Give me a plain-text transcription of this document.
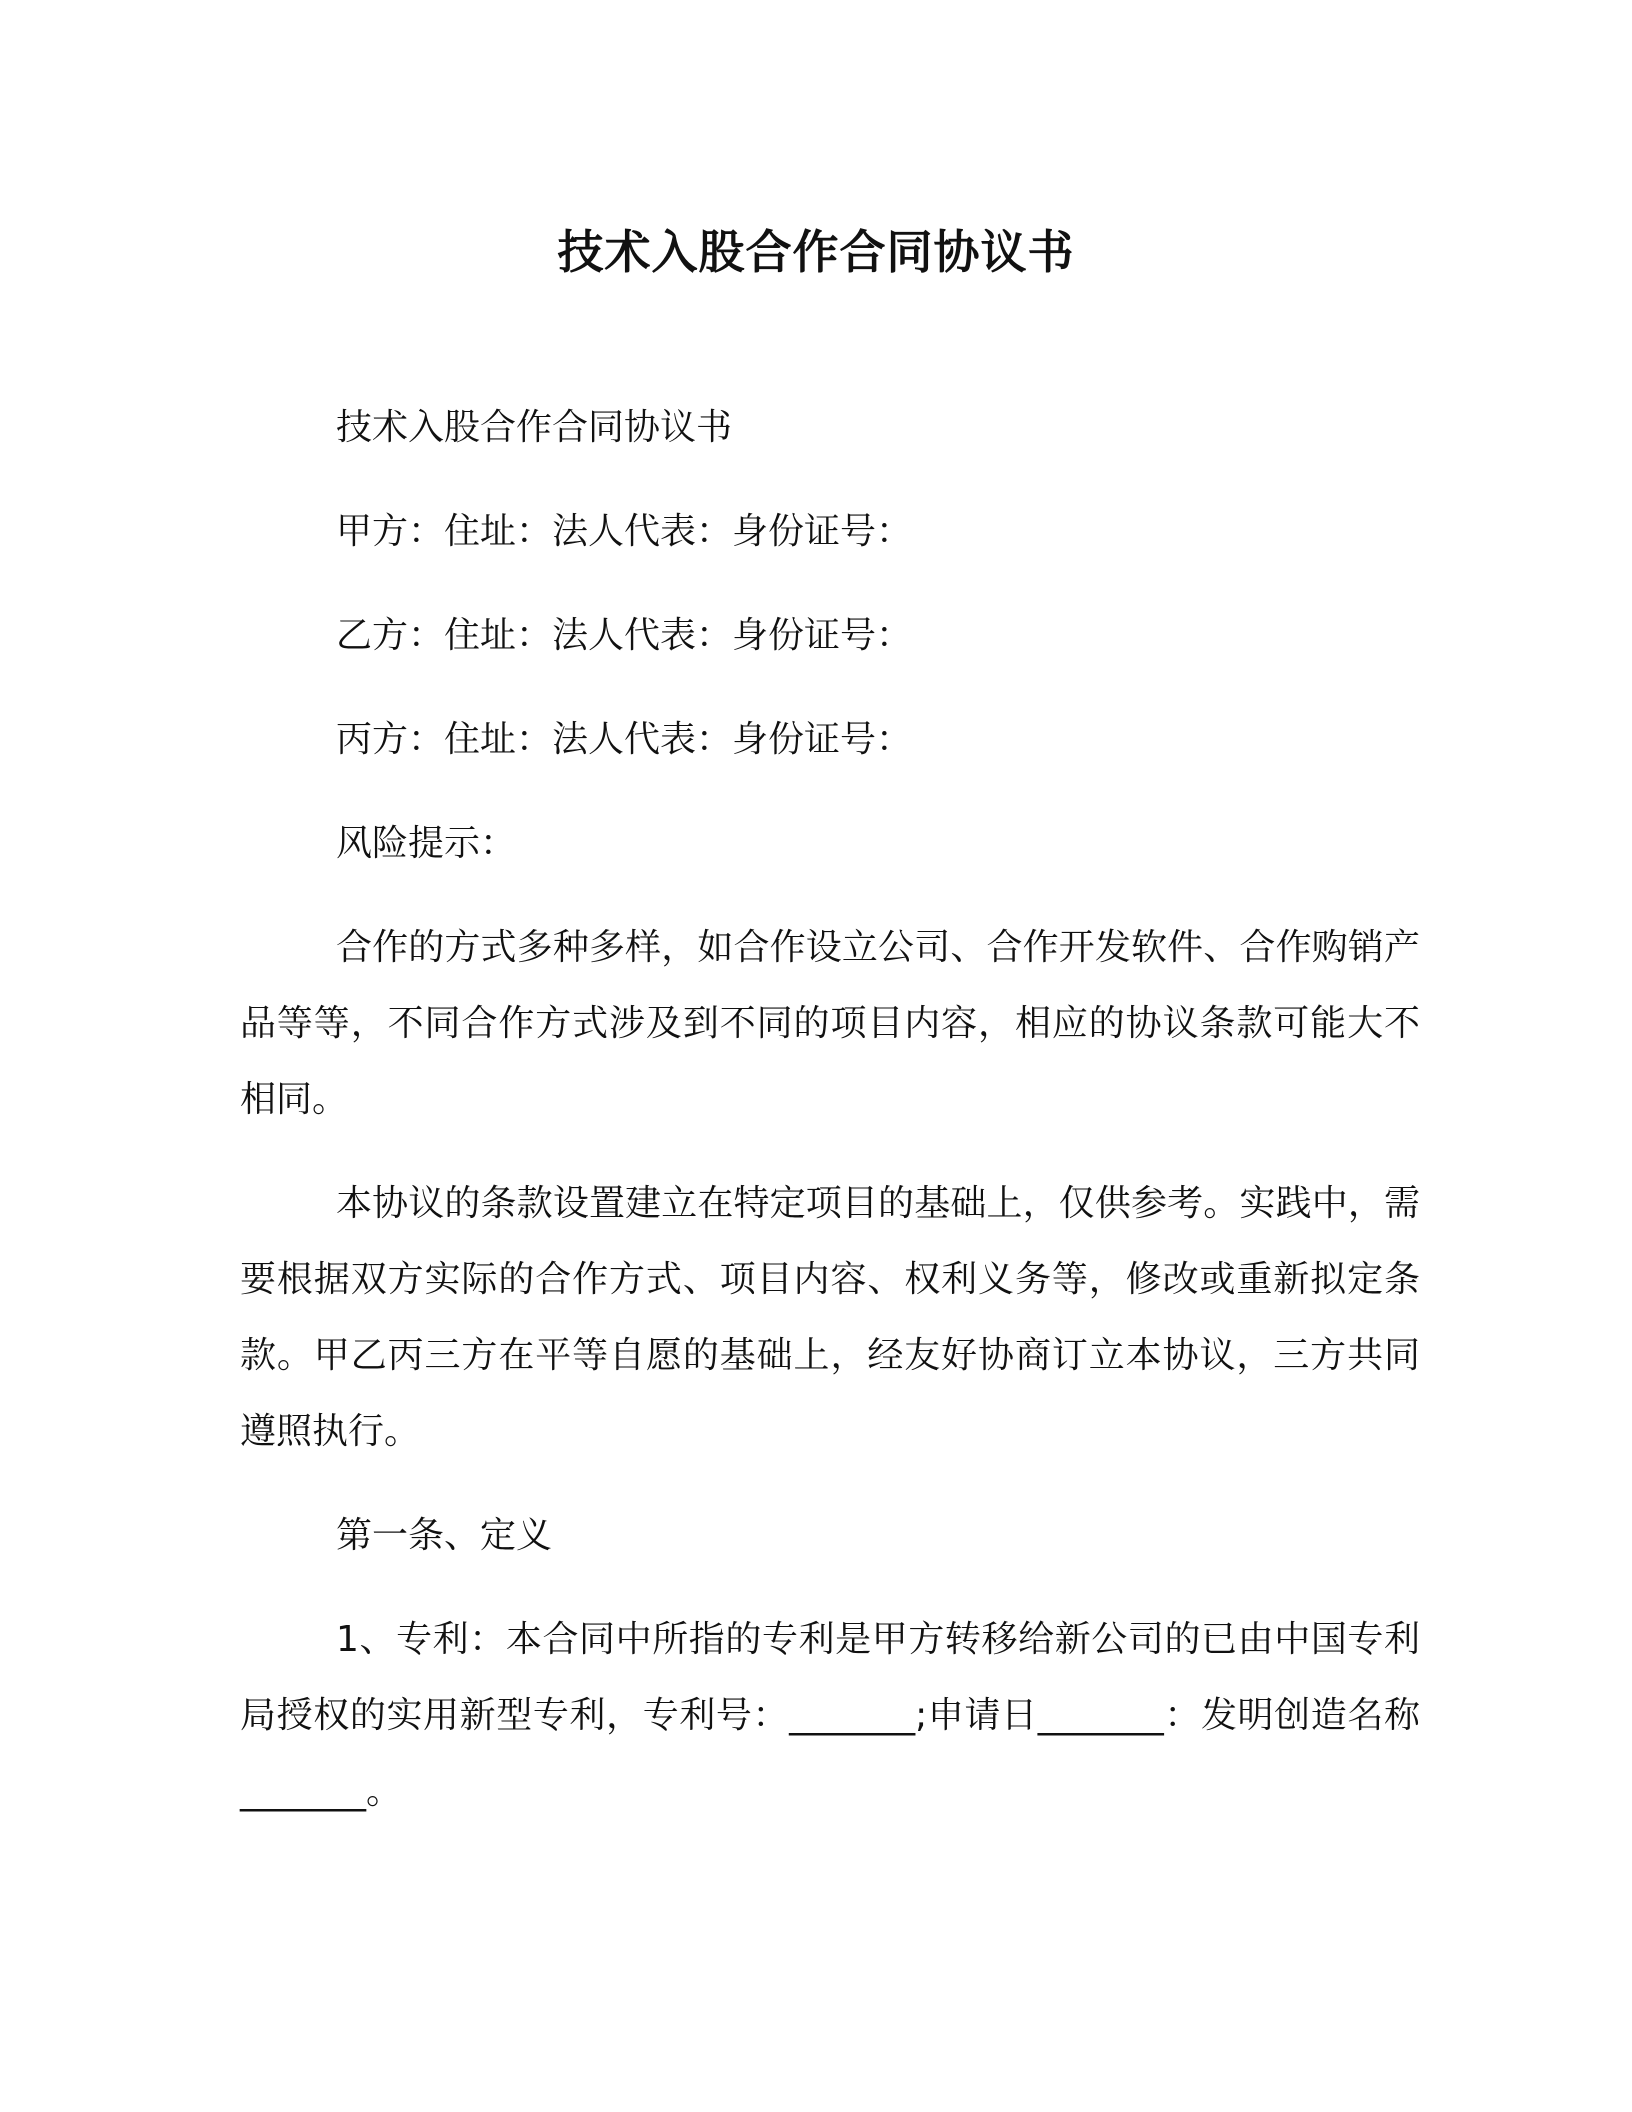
技术入股合作合同协议书

技术入股合作合同协议书

甲方：住址：法人代表：身份证号：

乙方：住址：法人代表：身份证号：

丙方：住址：法人代表：身份证号：

风险提示：

合作的方式多种多样，如合作设立公司、合作开发软件、合作购销产品等等，不同合作方式涉及到不同的项目内容，相应的协议条款可能大不相同。

本协议的条款设置建立在特定项目的基础上，仅供参考。实践中，需要根据双方实际的合作方式、项目内容、权利义务等，修改或重新拟定条款。甲乙丙三方在平等自愿的基础上，经友好协商订立本协议，三方共同遵照执行。

第一条、定义

1、专利：本合同中所指的专利是甲方转移给新公司的已由中国专利局授权的实用新型专利，专利号：_______;申请日_______：发明创造名称_______。
